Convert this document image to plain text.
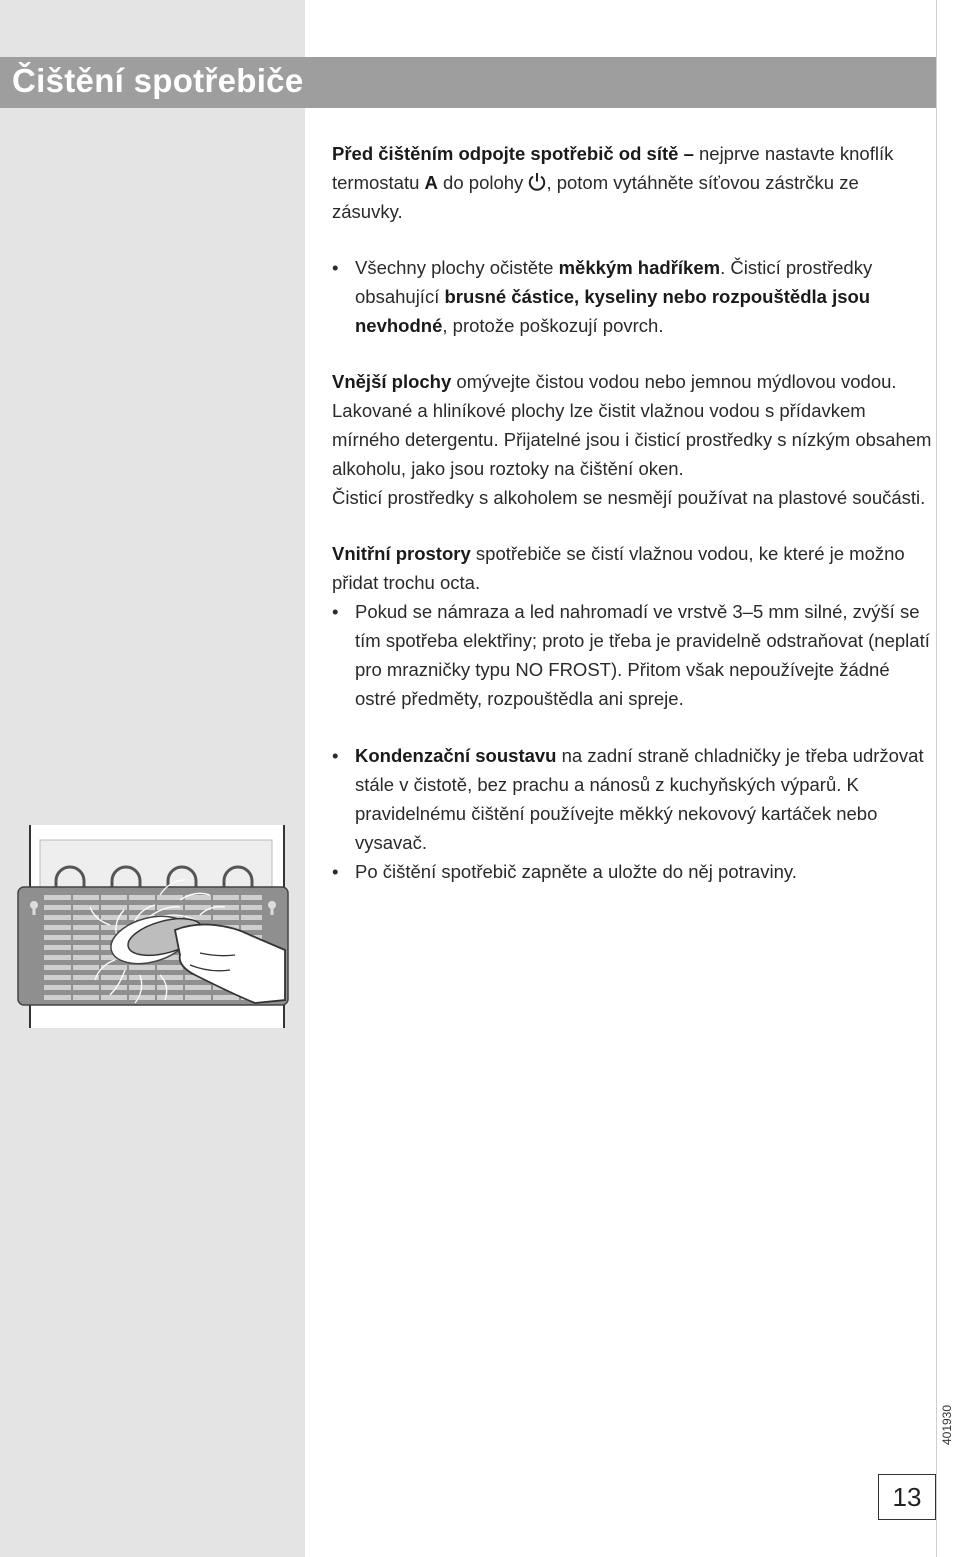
Čištění spotřebiče

Před čištěním odpojte spotřebič od sítě – nejprve nastavte knoflík termostatu A do polohy , potom vytáhněte síťovou zástrčku ze zásuvky.

• Všechny plochy očistěte měkkým hadříkem. Čisticí prostředky obsahující brusné částice, kyseliny nebo rozpouštědla jsou nevhodné, protože poškozují povrch.

Vnější plochy omývejte čistou vodou nebo jemnou mýdlovou vodou.

Lakované a hliníkové plochy lze čistit vlažnou vodou s přídavkem mírného detergentu. Přijatelné jsou i čisticí prostředky s nízkým obsahem alkoholu, jako jsou roztoky na čištění oken.

Čisticí prostředky s alkoholem se nesmějí používat na plastové součásti.

Vnitřní prostory spotřebiče se čistí vlažnou vodou, ke které je možno přidat trochu octa.

• Pokud se námraza a led nahromadí ve vrstvě 3–5 mm silné, zvýší se tím spotřeba elektřiny; proto je třeba je pravidelně odstraňovat (neplatí pro mrazničky typu NO FROST). Přitom však nepoužívejte žádné ostré předměty, rozpouštědla ani spreje.
• Kondenzační soustavu na zadní straně chladničky je třeba udržovat stále v čistotě, bez prachu a nánosů z kuchyňských výparů. K pravidelnému čištění používejte měkký nekovový kartáček nebo vysavač.
• Po čištění spotřebič zapněte a uložte do něj potraviny.
13
401930
